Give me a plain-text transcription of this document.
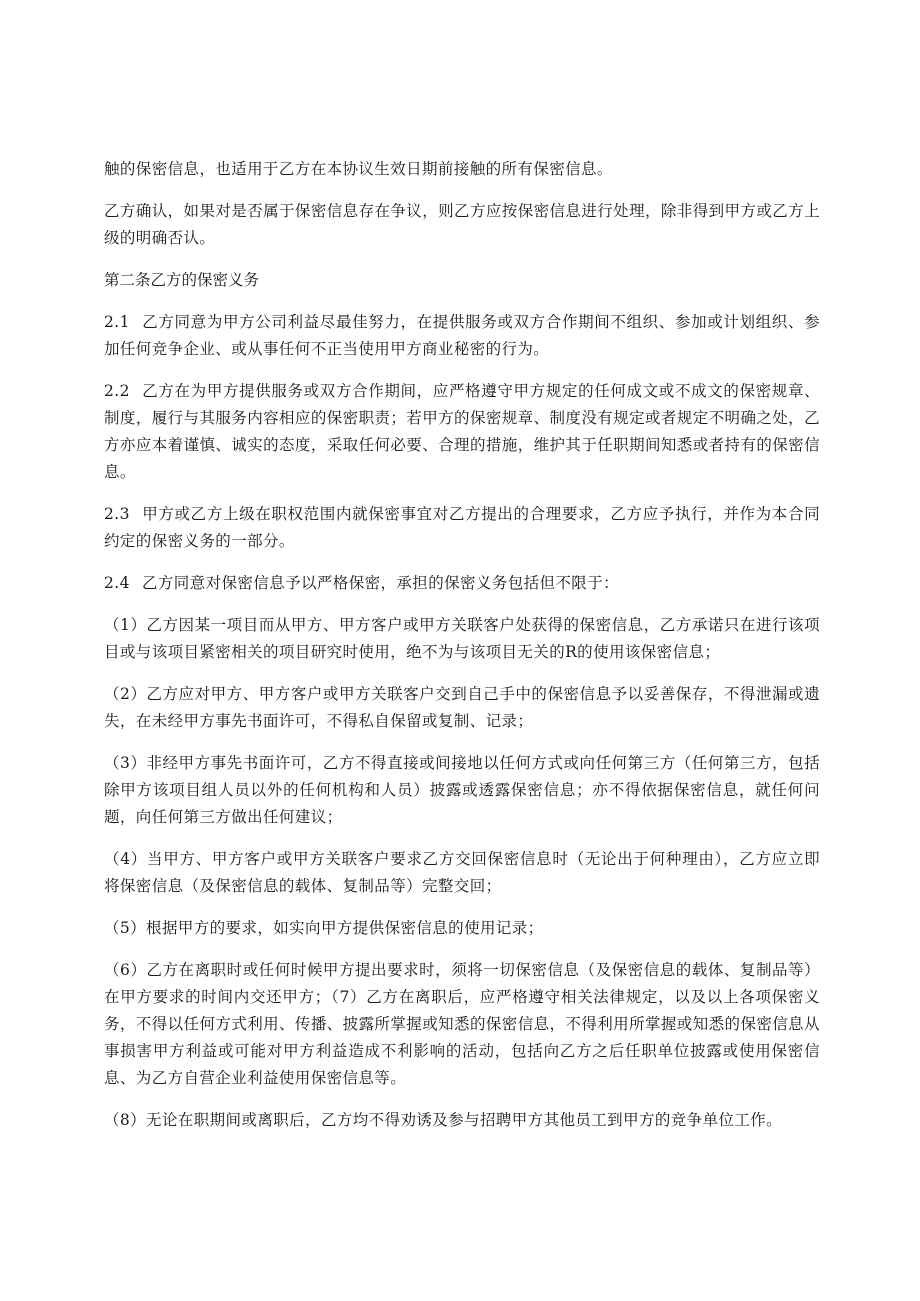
触的保密信息，也适用于乙方在本协议生效日期前接触的所有保密信息。

乙方确认，如果对是否属于保密信息存在争议，则乙方应按保密信息进行处理，除非得到甲方或乙方上级的明确否认。

第二条乙方的保密义务

2.1 乙方同意为甲方公司利益尽最佳努力，在提供服务或双方合作期间不组织、参加或计划组织、参加任何竞争企业、或从事任何不正当使用甲方商业秘密的行为。

2.2 乙方在为甲方提供服务或双方合作期间，应严格遵守甲方规定的任何成文或不成文的保密规章、制度，履行与其服务内容相应的保密职责；若甲方的保密规章、制度没有规定或者规定不明确之处，乙方亦应本着谨慎、诚实的态度，采取任何必要、合理的措施，维护其于任职期间知悉或者持有的保密信息。

2.3 甲方或乙方上级在职权范围内就保密事宜对乙方提出的合理要求，乙方应予执行，并作为本合同约定的保密义务的一部分。

2.4 乙方同意对保密信息予以严格保密，承担的保密义务包括但不限于：

（1）乙方因某一项目而从甲方、甲方客户或甲方关联客户处获得的保密信息，乙方承诺只在进行该项目或与该项目紧密相关的项目研究时使用，绝不为与该项目无关的R的使用该保密信息；

（2）乙方应对甲方、甲方客户或甲方关联客户交到自己手中的保密信息予以妥善保存，不得泄漏或遗失，在未经甲方事先书面许可，不得私自保留或复制、记录；

（3）非经甲方事先书面许可，乙方不得直接或间接地以任何方式或向任何第三方（任何第三方，包括除甲方该项目组人员以外的任何机构和人员）披露或透露保密信息；亦不得依据保密信息，就任何问题，向任何第三方做出任何建议；

（4）当甲方、甲方客户或甲方关联客户要求乙方交回保密信息时（无论出于何种理由），乙方应立即将保密信息（及保密信息的载体、复制品等）完整交回；

（5）根据甲方的要求，如实向甲方提供保密信息的使用记录；

（6）乙方在离职时或任何时候甲方提出要求时，须将一切保密信息（及保密信息的载体、复制品等）在甲方要求的时间内交还甲方；（7）乙方在离职后，应严格遵守相关法律规定，以及以上各项保密义务，不得以任何方式利用、传播、披露所掌握或知悉的保密信息，不得利用所掌握或知悉的保密信息从事损害甲方利益或可能对甲方利益造成不利影响的活动，包括向乙方之后任职单位披露或使用保密信息、为乙方自营企业利益使用保密信息等。

（8）无论在职期间或离职后，乙方均不得劝诱及参与招聘甲方其他员工到甲方的竞争单位工作。
